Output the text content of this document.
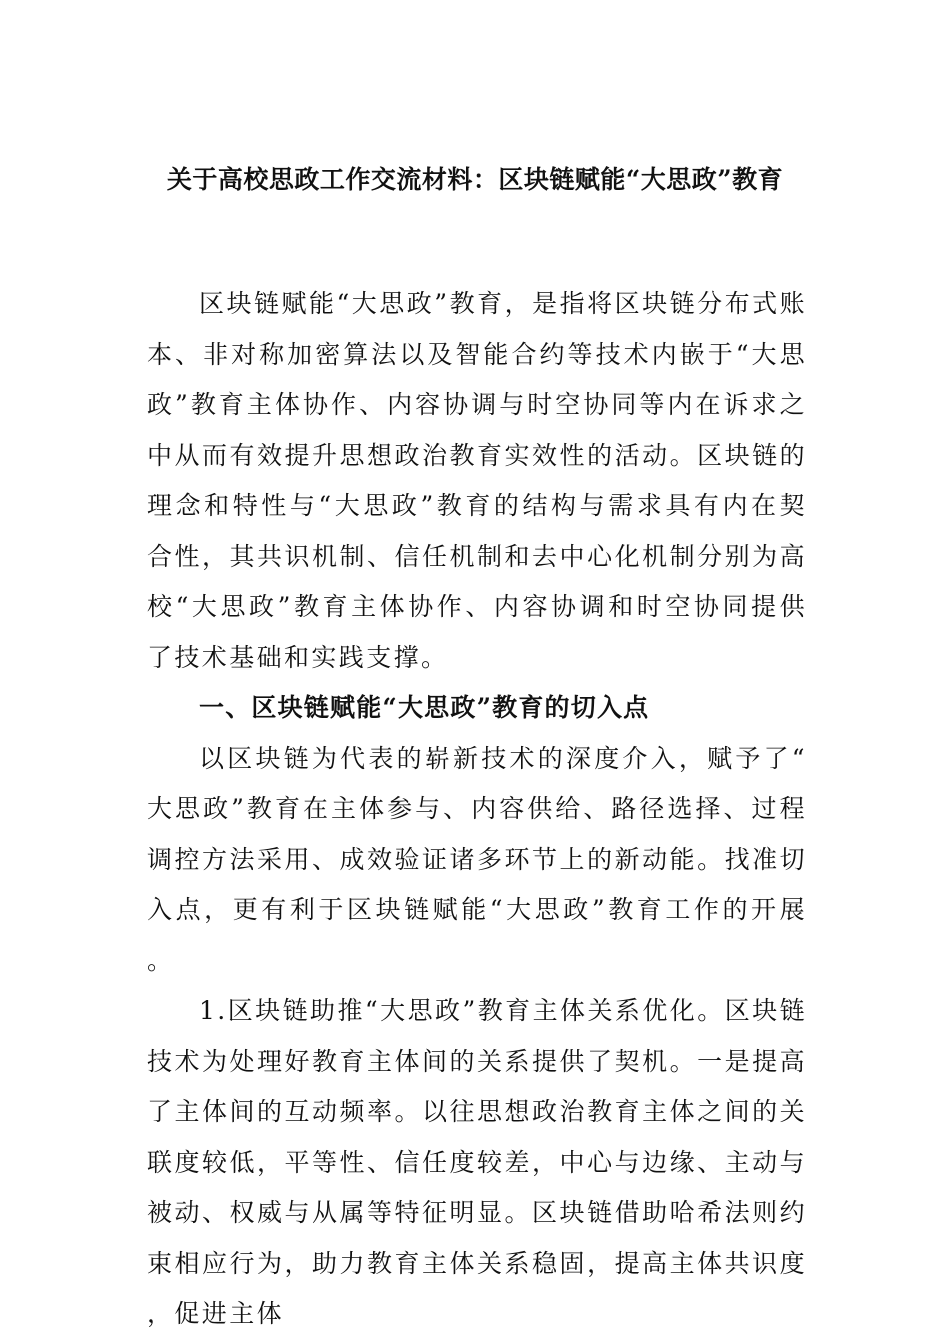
关于高校思政工作交流材料：区块链赋能“大思政”教育

区块链赋能“大思政”教育，是指将区块链分布式账本、非对称加密算法以及智能合约等技术内嵌于“大思政”教育主体协作、内容协调与时空协同等内在诉求之中从而有效提升思想政治教育实效性的活动。区块链的理念和特性与“大思政”教育的结构与需求具有内在契合性，其共识机制、信任机制和去中心化机制分别为高校“大思政”教育主体协作、内容协调和时空协同提供了技术基础和实践支撑。

一、区块链赋能“大思政”教育的切入点

以区块链为代表的崭新技术的深度介入，赋予了“大思政”教育在主体参与、内容供给、路径选择、过程调控方法采用、成效验证诸多环节上的新动能。找准切入点，更有利于区块链赋能“大思政”教育工作的开展。

1.区块链助推“大思政”教育主体关系优化。区块链技术为处理好教育主体间的关系提供了契机。一是提高了主体间的互动频率。以往思想政治教育主体之间的关联度较低，平等性、信任度较差，中心与边缘、主动与被动、权威与从属等特征明显。区块链借助哈希法则约束相应行为，助力教育主体关系稳固，提高主体共识度，促进主体
